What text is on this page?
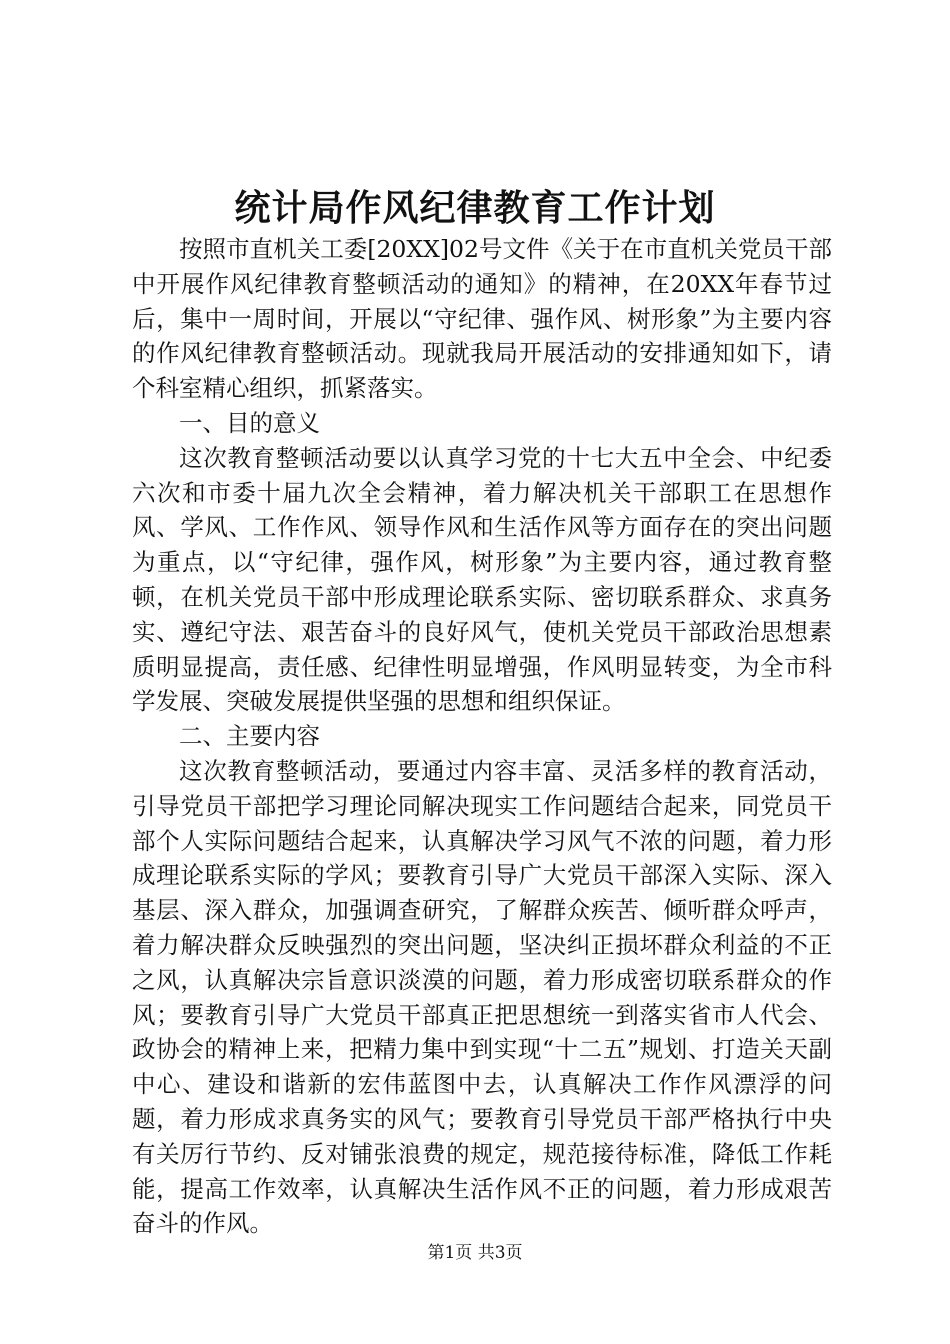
统计局作风纪律教育工作计划

按照市直机关工委[20XX]02号文件《关于在市直机关党员干部中开展作风纪律教育整顿活动的通知》的精神，在20XX年春节过后，集中一周时间，开展以“守纪律、强作风、树形象”为主要内容的作风纪律教育整顿活动。现就我局开展活动的安排通知如下，请个科室精心组织，抓紧落实。

一、目的意义

这次教育整顿活动要以认真学习党的十七大五中全会、中纪委六次和市委十届九次全会精神，着力解决机关干部职工在思想作风、学风、工作作风、领导作风和生活作风等方面存在的突出问题为重点，以“守纪律，强作风，树形象”为主要内容，通过教育整顿，在机关党员干部中形成理论联系实际、密切联系群众、求真务实、遵纪守法、艰苦奋斗的良好风气，使机关党员干部政治思想素质明显提高，责任感、纪律性明显增强，作风明显转变，为全市科学发展、突破发展提供坚强的思想和组织保证。

二、主要内容

这次教育整顿活动，要通过内容丰富、灵活多样的教育活动，引导党员干部把学习理论同解决现实工作问题结合起来，同党员干部个人实际问题结合起来，认真解决学习风气不浓的问题，着力形成理论联系实际的学风；要教育引导广大党员干部深入实际、深入基层、深入群众，加强调查研究，了解群众疾苦、倾听群众呼声，着力解决群众反映强烈的突出问题，坚决纠正损坏群众利益的不正之风，认真解决宗旨意识淡漠的问题，着力形成密切联系群众的作风；要教育引导广大党员干部真正把思想统一到落实省市人代会、政协会的精神上来，把精力集中到实现“十二五”规划、打造关天副中心、建设和谐新的宏伟蓝图中去，认真解决工作作风漂浮的问题，着力形成求真务实的风气；要教育引导党员干部严格执行中央有关厉行节约、反对铺张浪费的规定，规范接待标准，降低工作耗能，提高工作效率，认真解决生活作风不正的问题，着力形成艰苦奋斗的作风。

第1页 共3页
